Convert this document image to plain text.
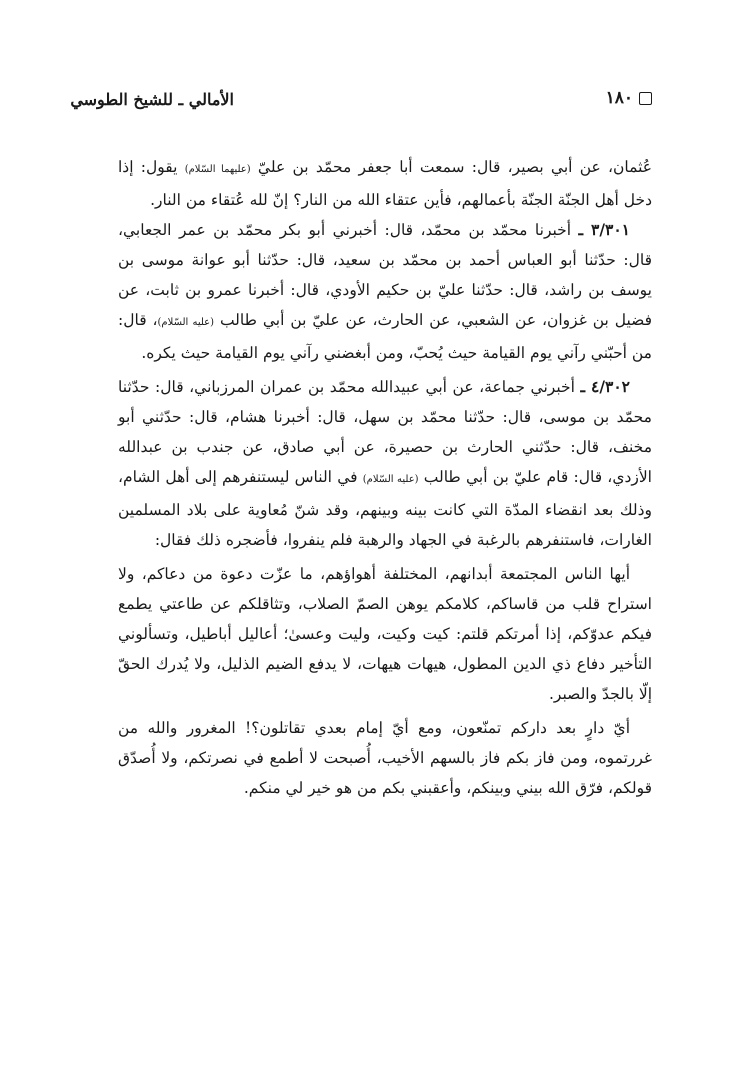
١٨٠
الأمالي ـ للشيخ الطوسي

عُثمان، عن أبي بصير، قال: سمعت أبا جعفر محمّد بن عليّ (عليهما السّلام) يقول: إذا دخل أهل الجنّة الجنّة بأعمالهم، فأين عتقاء الله من النار؟ إنّ لله عُتقاء من النار.

٣/٣٠١ ـ أخبرنا محمّد بن محمّد، قال: أخبرني أبو بكر محمّد بن عمر الجعابي، قال: حدّثنا أبو العباس أحمد بن محمّد بن سعيد، قال: حدّثنا أبو عوانة موسى بن يوسف بن راشد، قال: حدّثنا عليّ بن حكيم الأودي، قال: أخبرنا عمرو بن ثابت، عن فضيل بن غزوان، عن الشعبي، عن الحارث، عن عليّ بن أبي طالب (عليه السّلام)، قال: من أحبّني رآني يوم القيامة حيث يُحبّ، ومن أبغضني رآني يوم القيامة حيث يكره.

٤/٣٠٢ ـ أخبرني جماعة، عن أبي عبيدالله محمّد بن عمران المرزباني، قال: حدّثنا محمّد بن موسى، قال: حدّثنا محمّد بن سهل، قال: أخبرنا هشام، قال: حدّثني أبو مخنف، قال: حدّثني الحارث بن حصيرة، عن أبي صادق، عن جندب بن عبدالله الأزدي، قال: قام عليّ بن أبي طالب (عليه السّلام) في الناس ليستنفرهم إلى أهل الشام، وذلك بعد انقضاء المدّة التي كانت بينه وبينهم، وقد شنّ مُعاوية على بلاد المسلمين الغارات، فاستنفرهم بالرغبة في الجهاد والرهبة فلم ينفروا، فأضجره ذلك فقال:

أيها الناس المجتمعة أبدانهم، المختلفة أهواؤهم، ما عزّت دعوة من دعاكم، ولا استراح قلب من قاساكم، كلامكم يوهن الصمّ الصلاب، وتثاقلكم عن طاعتي يطمع فيكم عدوّكم، إذا أمرتكم قلتم: كيت وكيت، وليت وعسىٰ؛ أعاليل أباطيل، وتسألوني التأخير دفاع ذي الدين المطول، هيهات هيهات، لا يدفع الضيم الذليل، ولا يُدرك الحقّ إلّا بالجدّ والصبر.

أيّ دارٍ بعد داركم تمنّعون، ومع أيّ إمام بعدي تقاتلون؟! المغرور والله من غررتموه، ومن فاز بكم فاز بالسهم الأخيب، أُصبحت لا أطمع في نصرتكم، ولا أُصدّق قولكم، فرّق الله بيني وبينكم، وأعقبني بكم من هو خير لي منكم.
